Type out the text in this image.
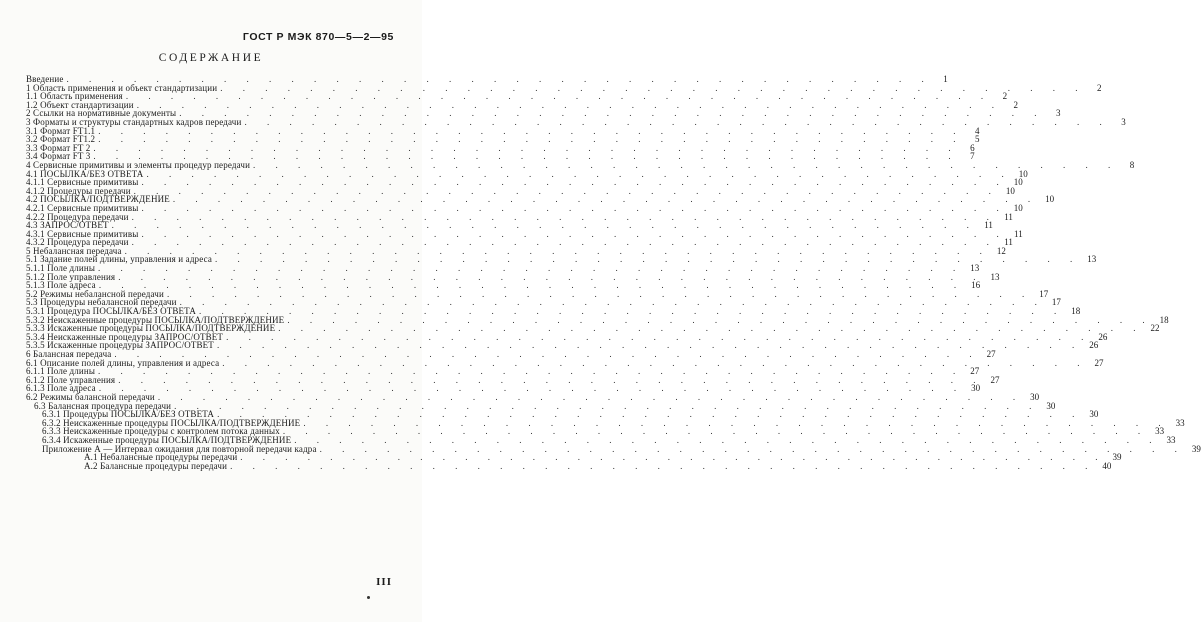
ГОСТ Р МЭК 870—5—2—95
СОДЕРЖАНИЕ
Введение . . . . . . . . . . . . . . . . . . . . . . . . . . . . . . . . . . . . . . .	1
1 Область применения и объект стандартизации . . . . . . . . . . . . . . . . . . . . . . . . . . . . . . . . . . . . . . .	2
1.1 Область применения . . . . . . . . . . . . . . . . . . . . . . . . . . . . . . . . . . . . . . .	2
1.2 Объект стандартизации . . . . . . . . . . . . . . . . . . . . . . . . . . . . . . . . . . . . . . .	2
2 Ссылки на нормативные документы . . . . . . . . . . . . . . . . . . . . . . . . . . . . . . . . . . . . . . .	3
3 Форматы и структуры стандартных кадров передачи . . . . . . . . . . . . . . . . . . . . . . . . . . . . . . . . . . . . . . .	3
3.1 Формат FT1.1 . . . . . . . . . . . . . . . . . . . . . . . . . . . . . . . . . . . . . . .	4
3.2 Формат FT1.2 . . . . . . . . . . . . . . . . . . . . . . . . . . . . . . . . . . . . . . .	5
3.3 Формат FT 2 . . . . . . . . . . . . . . . . . . . . . . . . . . . . . . . . . . . . . . .	6
3.4 Формат FT 3 . . . . . . . . . . . . . . . . . . . . . . . . . . . . . . . . . . . . . . .	7
4 Сервисные примитивы и элементы процедур передачи . . . . . . . . . . . . . . . . . . . . . . . . . . . . . . . . . . . . . . .	8
4.1 ПОСЫЛКА/БЕЗ ОТВЕТА . . . . . . . . . . . . . . . . . . . . . . . . . . . . . . . . . . . . . . . 10
4.1.1 Сервисные примитивы . . . . . . . . . . . . . . . . . . . . . . . . . . . . . . . . . . . . . . . 10
4.1.2 Процедуры передачи . . . . . . . . . . . . . . . . . . . . . . . . . . . . . . . . . . . . . . . 10
4.2 ПОСЫЛКА/ПОДТВЕРЖДЕНИЕ . . . . . . . . . . . . . . . . . . . . . . . . . . . . . . . . . . . . . . . 10
4.2.1 Сервисные примитивы . . . . . . . . . . . . . . . . . . . . . . . . . . . . . . . . . . . . . . . 10
4.2.2 Процедура передачи . . . . . . . . . . . . . . . . . . . . . . . . . . . . . . . . . . . . . . . 11
4.3 ЗАПРОС/ОТВЕТ . . . . . . . . . . . . . . . . . . . . . . . . . . . . . . . . . . . . . . . 11
4.3.1 Сервисные примитивы . . . . . . . . . . . . . . . . . . . . . . . . . . . . . . . . . . . . . . . 11
4.3.2 Процедура передачи . . . . . . . . . . . . . . . . . . . . . . . . . . . . . . . . . . . . . . . 11
5 Небалансная передача . . . . . . . . . . . . . . . . . . . . . . . . . . . . . . . . . . . . . . . 12
5.1 Задание полей длины, управления и адреса . . . . . . . . . . . . . . . . . . . . . . . . . . . . . . . . . . . . . . . 13
5.1.1 Поле длины . . . . . . . . . . . . . . . . . . . . . . . . . . . . . . . . . . . . . . . 13
5.1.2 Поле управления . . . . . . . . . . . . . . . . . . . . . . . . . . . . . . . . . . . . . . . 13
5.1.3 Поле адреса . . . . . . . . . . . . . . . . . . . . . . . . . . . . . . . . . . . . . . . 16
5.2 Режимы небалансной передачи . . . . . . . . . . . . . . . . . . . . . . . . . . . . . . . . . . . . . . . 17
5.3 Процедуры небалансной передачи . . . . . . . . . . . . . . . . . . . . . . . . . . . . . . . . . . . . . . . 17
5.3.1 Процедура ПОСЫЛКА/БЕЗ ОТВЕТА . . . . . . . . . . . . . . . . . . . . . . . . . . . . . . . . . . . . . . . 18
5.3.2 Неискаженные процедуры ПОСЫЛКА/ПОДТВЕРЖДЕНИЕ . . . . . . . . . . . . . . . . . . . . . . . . . . . . . . . . . . . . . . . 18
5.3.3 Искаженные процедуры ПОСЫЛКА/ПОДТВЕРЖДЕНИЕ . . . . . . . . . . . . . . . . . . . . . . . . . . . . . . . . . . . . . . . 22
5.3.4 Неискаженные процедуры ЗАПРОС/ОТВЕТ . . . . . . . . . . . . . . . . . . . . . . . . . . . . . . . . . . . . . . . 26
5.3.5 Искаженные процедуры ЗАПРОС/ОТВЕТ . . . . . . . . . . . . . . . . . . . . . . . . . . . . . . . . . . . . . . . 26
6 Балансная передача . . . . . . . . . . . . . . . . . . . . . . . . . . . . . . . . . . . . . . . 27
6.1 Описание полей длины, управления и адреса . . . . . . . . . . . . . . . . . . . . . . . . . . . . . . . . . . . . . . . 27
6.1.1 Поле длины . . . . . . . . . . . . . . . . . . . . . . . . . . . . . . . . . . . . . . . 27
6.1.2 Поле управления . . . . . . . . . . . . . . . . . . . . . . . . . . . . . . . . . . . . . . . 27
6.1.3 Поле адреса . . . . . . . . . . . . . . . . . . . . . . . . . . . . . . . . . . . . . . . 30
6.2 Режимы балансной передачи . . . . . . . . . . . . . . . . . . . . . . . . . . . . . . . . . . . . . . . 30
6.3 Балансная процедура передачи . . . . . . . . . . . . . . . . . . . . . . . . . . . . . . . . . . . . . . . 30
6.3.1 Процедуры ПОСЫЛКА/БЕЗ ОТВЕТА . . . . . . . . . . . . . . . . . . . . . . . . . . . . . . . . . . . . . . . 30
6.3.2 Неискаженные процедуры ПОСЫЛКА/ПОДТВЕРЖДЕНИЕ . . . . . . . . . . . . . . . . . . . . . . . . . . . . . . . . . . . . . . . 33
6.3.3 Неискаженные процедуры с контролем потока данных . . . . . . . . . . . . . . . . . . . . . . . . . . . . . . . . . . . . . . . 33
6.3.4 Искаженные процедуры ПОСЫЛКА/ПОДТВЕРЖДЕНИЕ . . . . . . . . . . . . . . . . . . . . . . . . . . . . . . . . . . . . . . . 33
Приложение А — Интервал ожидания для повторной передачи кадра . . . . . . . . . . . . . . . . . . . . . . . . . . . . . . . . . . . . . . . 39
А.1 Небалансные процедуры передачи . . . . . . . . . . . . . . . . . . . . . . . . . . . . . . . . . . . . . . . 39
А.2 Балансные процедуры передачи . . . . . . . . . . . . . . . . . . . . . . . . . . . . . . . . . . . . . . . 40
III
